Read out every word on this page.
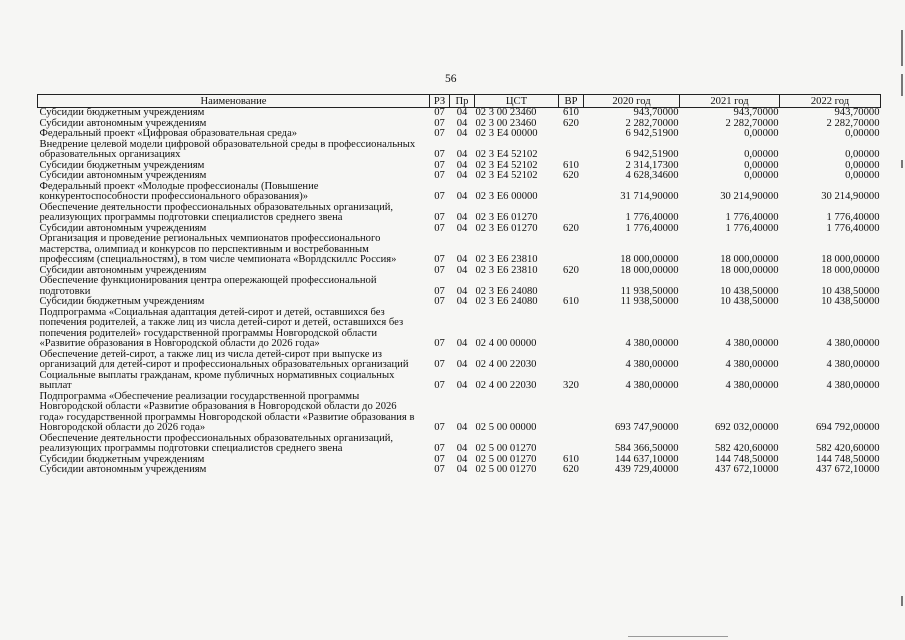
56
Наименование	РЗ	Пр	ЦСТ	ВР	2020 год	2021 год	2022 год
Субсидии бюджетным учреждениям	07	04	02 3 00 23460	610	943,70000	943,70000	943,70000
Субсидии автономным учреждениям	07	04	02 3 00 23460	620	2 282,70000	2 282,70000	2 282,70000
Федеральный проект «Цифровая образовательная среда»	07	04	02 3 E4 00000		6 942,51900	0,00000	0,00000
Внедрение целевой модели цифровой образовательной среды в профессиональных образовательных организациях	07	04	02 3 E4 52102		6 942,51900	0,00000	0,00000
Субсидии бюджетным учреждениям	07	04	02 3 E4 52102	610	2 314,17300	0,00000	0,00000
Субсидии автономным учреждениям	07	04	02 3 E4 52102	620	4 628,34600	0,00000	0,00000
Федеральный проект «Молодые профессионалы (Повышение конкурентоспособности профессионального образования)»	07	04	02 3 E6 00000		31 714,90000	30 214,90000	30 214,90000
Обеспечение деятельности профессиональных образовательных организаций, реализующих программы подготовки специалистов среднего звена	07	04	02 3 E6 01270		1 776,40000	1 776,40000	1 776,40000
Субсидии автономным учреждениям	07	04	02 3 E6 01270	620	1 776,40000	1 776,40000	1 776,40000
Организация и проведение региональных чемпионатов профессионального мастерства, олимпиад и конкурсов по перспективным и востребованным профессиям (специальностям), в том числе чемпионата «Ворлдскиллс Россия»	07	04	02 3 E6 23810		18 000,00000	18 000,00000	18 000,00000
Субсидии автономным учреждениям	07	04	02 3 E6 23810	620	18 000,00000	18 000,00000	18 000,00000
Обеспечение функционирования центра опережающей профессиональной подготовки	07	04	02 3 E6 24080		11 938,50000	10 438,50000	10 438,50000
Субсидии бюджетным учреждениям	07	04	02 3 E6 24080	610	11 938,50000	10 438,50000	10 438,50000
Подпрограмма «Социальная адаптация детей-сирот и детей, оставшихся без попечения родителей, а также лиц из числа детей-сирот и детей, оставшихся без попечения родителей» государственной программы Новгородской области «Развитие образования в Новгородской области до 2026 года»	07	04	02 4 00 00000		4 380,00000	4 380,00000	4 380,00000
Обеспечение детей-сирот, а также лиц из числа детей-сирот при выпуске из организаций для детей-сирот и профессиональных образовательных организаций	07	04	02 4 00 22030		4 380,00000	4 380,00000	4 380,00000
Социальные выплаты гражданам, кроме публичных нормативных социальных выплат	07	04	02 4 00 22030	320	4 380,00000	4 380,00000	4 380,00000
Подпрограмма «Обеспечение реализации государственной программы Новгородской области «Развитие образования в Новгородской области до 2026 года» государственной программы Новгородской области «Развитие образования в Новгородской области до 2026 года»	07	04	02 5 00 00000		693 747,90000	692 032,00000	694 792,00000
Обеспечение деятельности профессиональных образовательных организаций, реализующих программы подготовки специалистов среднего звена	07	04	02 5 00 01270		584 366,50000	582 420,60000	582 420,60000
Субсидии бюджетным учреждениям	07	04	02 5 00 01270	610	144 637,10000	144 748,50000	144 748,50000
Субсидии автономным учреждениям	07	04	02 5 00 01270	620	439 729,40000	437 672,10000	437 672,10000
